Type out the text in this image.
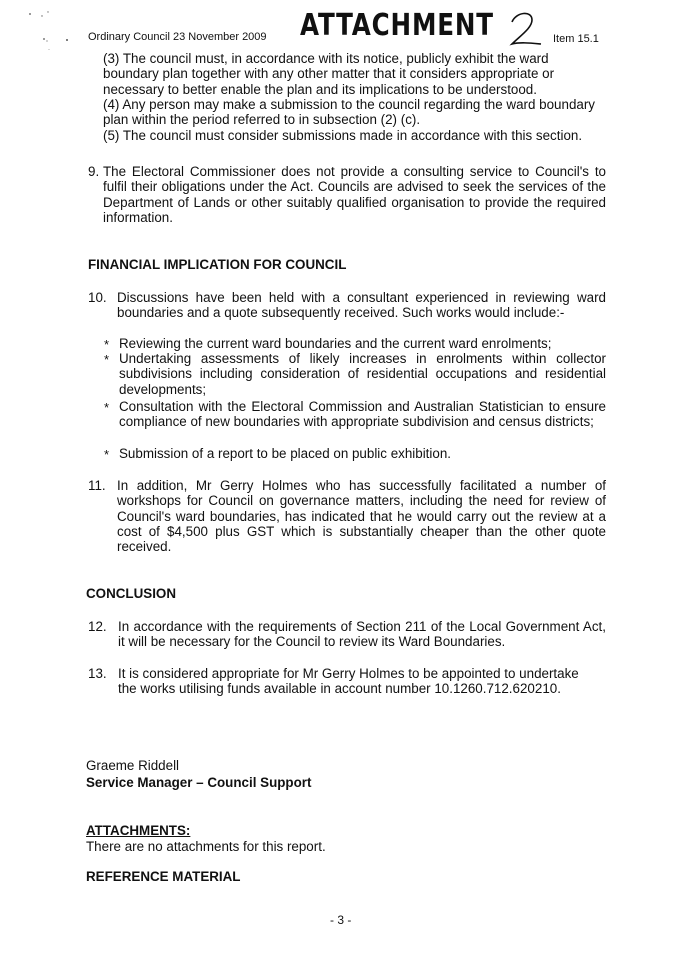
Ordinary Council 23 November 2009 ATTACHMENT	Item 15.1

(3) The council must, in accordance with its notice, publicly exhibit the ward boundary plan together with any other matter that it considers appropriate or necessary to better enable the plan and its implications to be understood.

(4) Any person may make a submission to the council regarding the ward boundary plan within the period referred to in subsection (2) (c).

(5) The council must consider submissions made in accordance with this section.

9. The Electoral Commissioner does not provide a consulting service to Council's to fulfil their obligations under the Act. Councils are advised to seek the services of the Department of Lands or other suitably qualified organisation to provide the required information.
FINANCIAL IMPLICATION FOR COUNCIL
10. Discussions have been held with a consultant experienced in reviewing ward boundaries and a quote subsequently received. Such works would include:-
* Reviewing the current ward boundaries and the current ward enrolments;
* Undertaking assessments of likely increases in enrolments within collector subdivisions including consideration of residential occupations and residential developments;
* Consultation with the Electoral Commission and Australian Statistician to ensure compliance of new boundaries with appropriate subdivision and census districts;
* Submission of a report to be placed on public exhibition.
11. In addition, Mr Gerry Holmes who has successfully facilitated a number of workshops for Council on governance matters, including the need for review of Council's ward boundaries, has indicated that he would carry out the review at a cost of $4,500 plus GST which is substantially cheaper than the other quote received.
CONCLUSION
12. In accordance with the requirements of Section 211 of the Local Government Act, it will be necessary for the Council to review its Ward Boundaries.
13. It is considered appropriate for Mr Gerry Holmes to be appointed to undertake the works utilising funds available in account number 10.1260.712.620210.
Graeme Riddell
Service Manager – Council Support
ATTACHMENTS:
There are no attachments for this report.
REFERENCE MATERIAL
- 3 -
